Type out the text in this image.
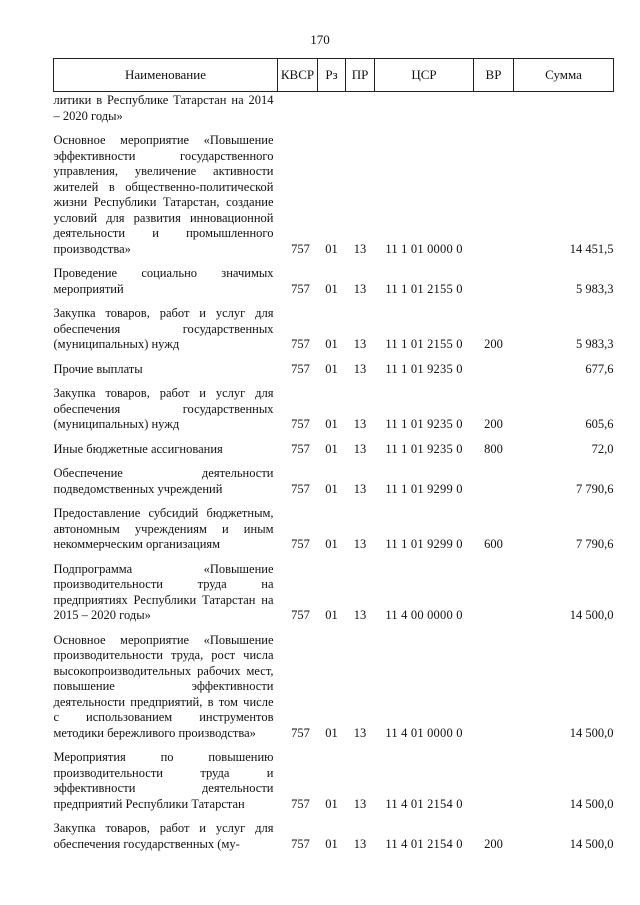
170
Наименование	КВСР	Рз	ПР	ЦСР	ВР	Сумма
литики в Республике Татарстан на 2014 – 2020 годы»						
Основное мероприятие «Повышение эффективности государственного управления, увеличение активности жителей в общественно-политической жизни Республики Татарстан, создание условий для развития инновационной деятельности и промышленного производства»	757	01	13	11 1 01 0000 0		14 451,5
Проведение социально значимых мероприятий	757	01	13	11 1 01 2155 0		5 983,3
Закупка товаров, работ и услуг для обеспечения государственных (муниципальных) нужд	757	01	13	11 1 01 2155 0	200	5 983,3
Прочие выплаты	757	01	13	11 1 01 9235 0		677,6
Закупка товаров, работ и услуг для обеспечения государственных (муниципальных) нужд	757	01	13	11 1 01 9235 0	200	605,6
Иные бюджетные ассигнования	757	01	13	11 1 01 9235 0	800	72,0
Обеспечение деятельности подведомственных учреждений	757	01	13	11 1 01 9299 0		7 790,6
Предоставление субсидий бюджетным, автономным учреждениям и иным некоммерческим организациям	757	01	13	11 1 01 9299 0	600	7 790,6
Подпрограмма «Повышение производительности труда на предприятиях Республики Татарстан на 2015 – 2020 годы»	757	01	13	11 4 00 0000 0		14 500,0
Основное мероприятие «Повышение производительности труда, рост числа высокопроизводительных рабочих мест, повышение эффективности деятельности предприятий, в том числе с использованием инструментов методики бережливого производства»	757	01	13	11 4 01 0000 0		14 500,0
Мероприятия по повышению производительности труда и эффективности деятельности предприятий Республики Татарстан	757	01	13	11 4 01 2154 0		14 500,0
Закупка товаров, работ и услуг для обеспечения государственных (му-	757	01	13	11 4 01 2154 0	200	14 500,0
